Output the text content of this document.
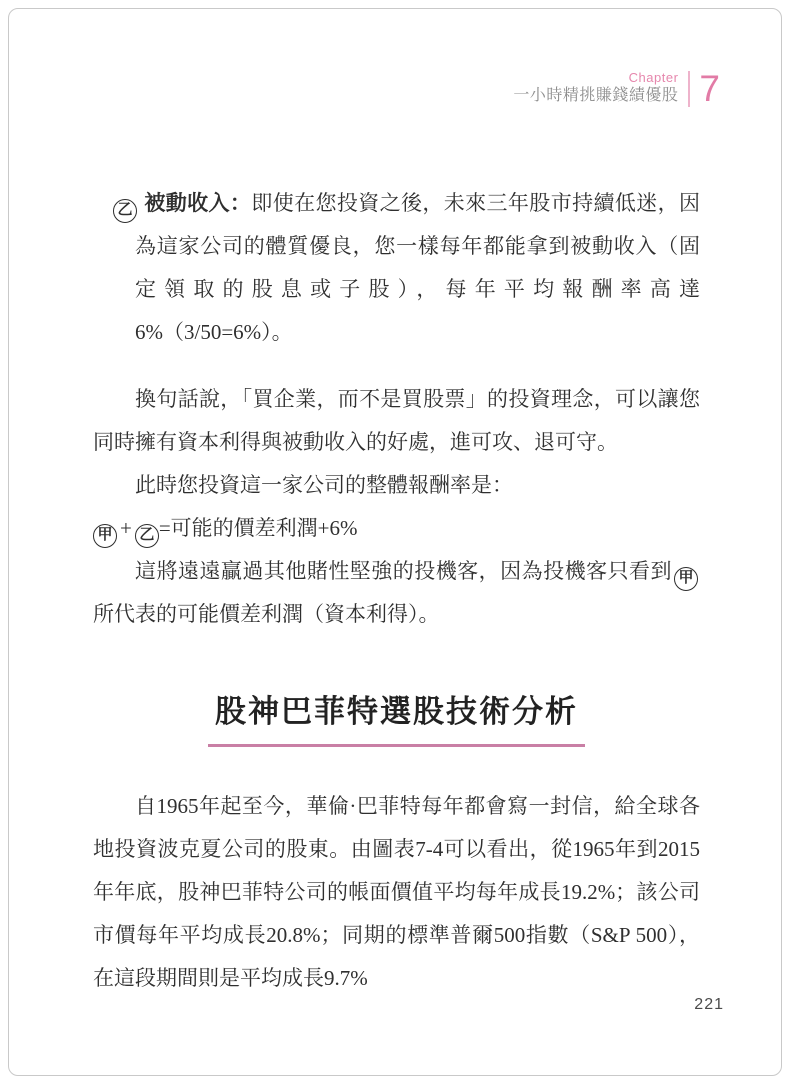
Chapter
一小時精挑賺錢績優股 7

乙 被動收入：即使在您投資之後，未來三年股市持續低迷，因為這家公司的體質優良，您一樣每年都能拿到被動收入（固定領取的股息或子股），每年平均報酬率高達6%（3/50=6%）。

換句話說，「買企業，而不是買股票」的投資理念，可以讓您同時擁有資本利得與被動收入的好處，進可攻、退可守。

此時您投資這一家公司的整體報酬率是：

甲 + 乙 =可能的價差利潤+6%

這將遠遠贏過其他賭性堅強的投機客，因為投機客只看到 甲所代表的可能價差利潤（資本利得）。

股神巴菲特選股技術分析

自1965年起至今，華倫·巴菲特每年都會寫一封信，給全球各地投資波克夏公司的股東。由圖表7-4可以看出，從1965年到2015年年底，股神巴菲特公司的帳面價值平均每年成長19.2%；該公司市價每年平均成長20.8%；同期的標準普爾500指數（S&P 500），在這段期間則是平均成長9.7%

221
